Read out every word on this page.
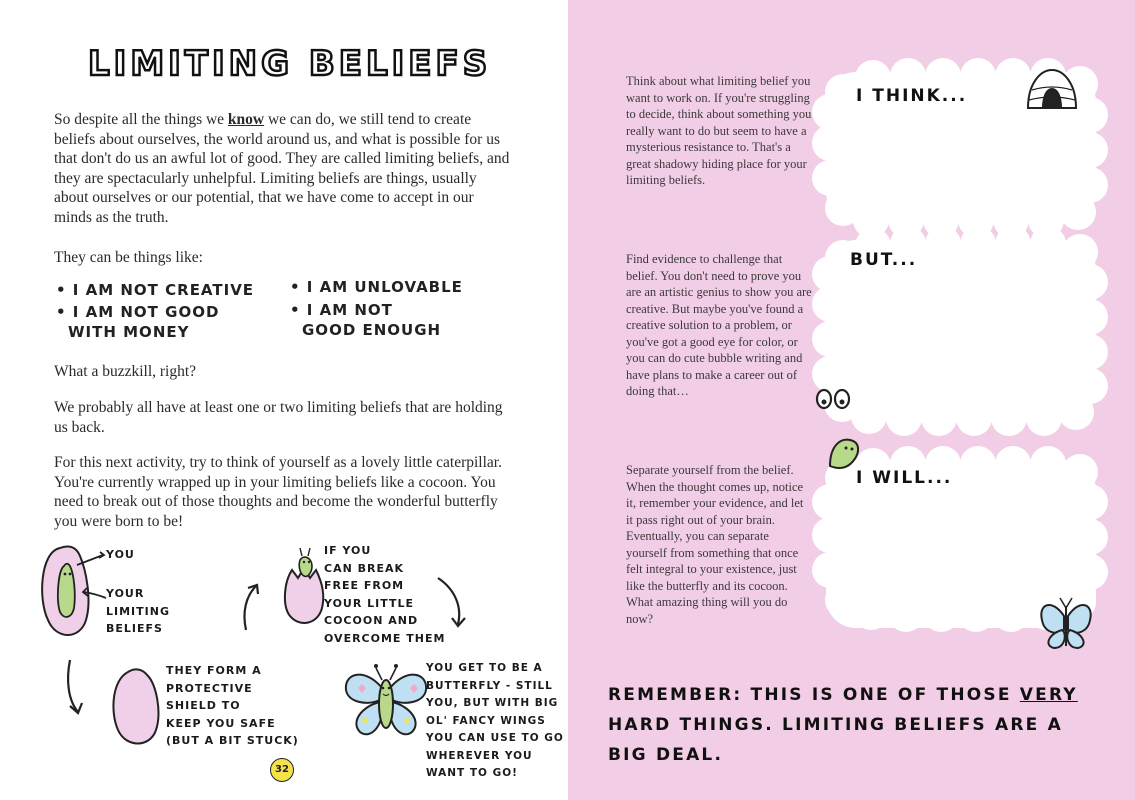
LIMITING BELIEFS

So despite all the things we know we can do, we still tend to create beliefs about ourselves, the world around us, and what is possible for us that don't do us an awful lot of good. They are called limiting beliefs, and they are spectacularly unhelpful. Limiting beliefs are things, usually about ourselves or our potential, that we have come to accept in our minds as the truth.

They can be things like:

• I AM NOT CREATIVE
• I AM NOT GOOD
WITH MONEY
• I AM UNLOVABLE
• I AM NOT
GOOD ENOUGH

What a buzzkill, right?

We probably all have at least one or two limiting beliefs that are holding us back.

For this next activity, try to think of yourself as a lovely little caterpillar. You're currently wrapped up in your limiting beliefs like a cocoon. You need to break out of those thoughts and become the wonderful butterfly you were born to be!

YOU
YOUR
LIMITING
BELIEFS
IF YOU
CAN BREAK
FREE FROM
YOUR LITTLE
COCOON AND
OVERCOME THEM
THEY FORM A
PROTECTIVE
SHIELD TO
KEEP YOU SAFE
(BUT A BIT STUCK)
YOU GET TO BE A
BUTTERFLY - STILL
YOU, BUT WITH BIG
OL' FANCY WINGS
YOU CAN USE TO GO
WHEREVER YOU WANT TO GO!
32
I THINK...
BUT...
I WILL...

Think about what limiting belief you want to work on. If you're struggling to decide, think about something you really want to do but seem to have a mysterious resistance to. That's a great shadowy hiding place for your limiting beliefs.

Find evidence to challenge that belief. You don't need to prove you are an artistic genius to show you are creative. But maybe you've found a creative solution to a problem, or you've got a good eye for color, or you can do cute bubble writing and have plans to make a career out of doing that…

Separate yourself from the belief. When the thought comes up, notice it, remember your evidence, and let it pass right out of your brain. Eventually, you can separate yourself from something that once felt integral to your existence, just like the butterfly and its cocoon. What amazing thing will you do now?

REMEMBER: THIS IS ONE OF THOSE VERY HARD THINGS. LIMITING BELIEFS ARE A BIG DEAL.
